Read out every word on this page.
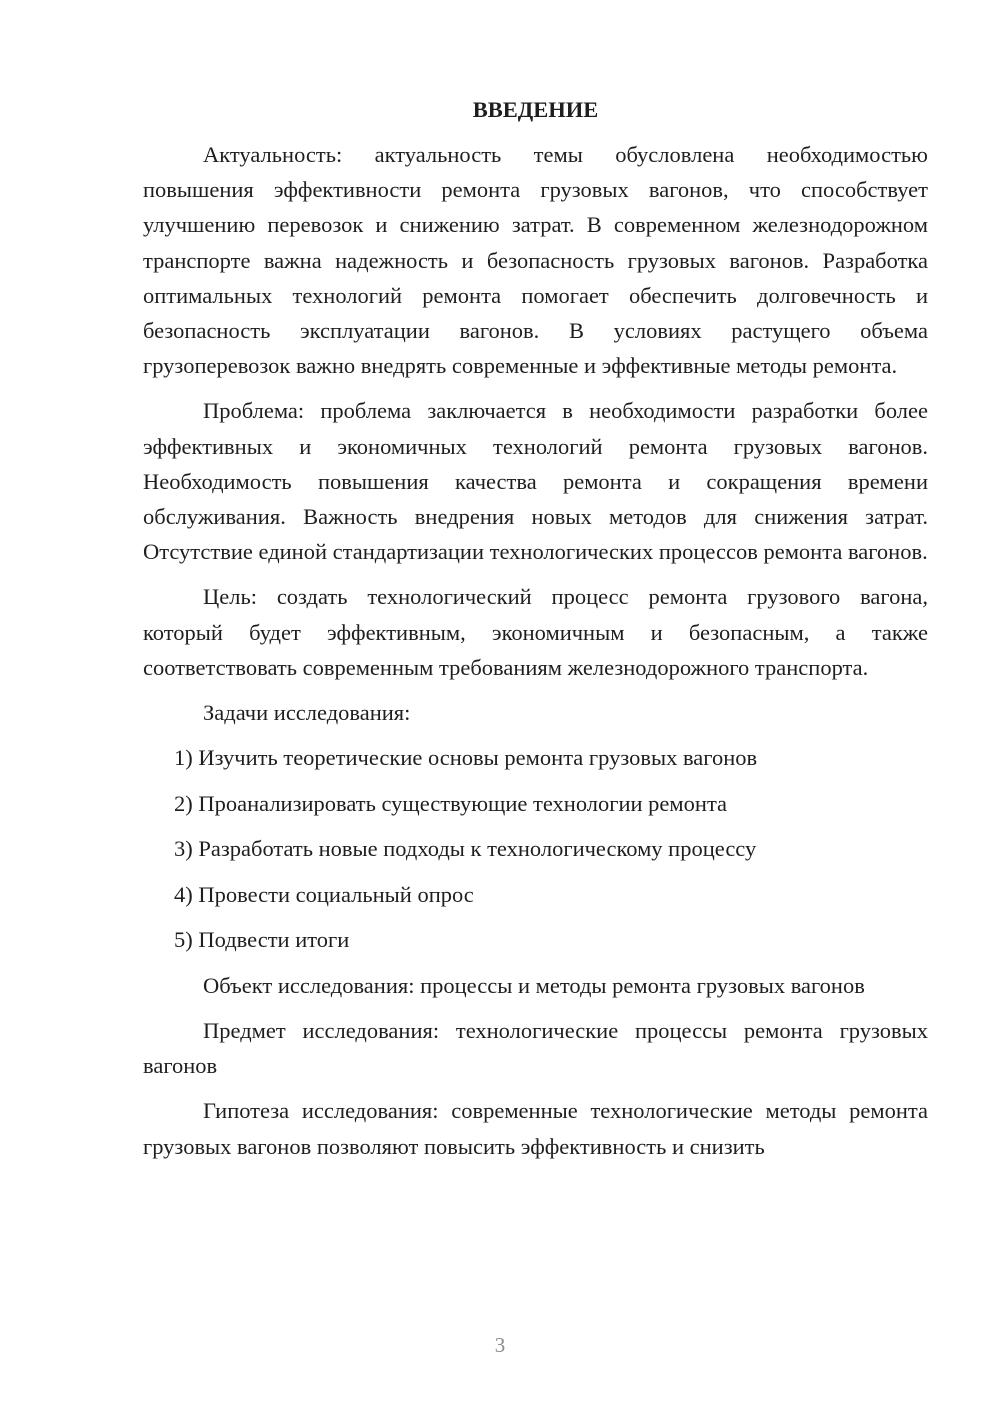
ВВЕДЕНИЕ

Актуальность: актуальность темы обусловлена необходимостью повышения эффективности ремонта грузовых вагонов, что способствует улучшению перевозок и снижению затрат. В современном железнодорожном транспорте важна надежность и безопасность грузовых вагонов. Разработка оптимальных технологий ремонта помогает обеспечить долговечность и безопасность эксплуатации вагонов. В условиях растущего объема грузоперевозок важно внедрять современные и эффективные методы ремонта.

Проблема: проблема заключается в необходимости разработки более эффективных и экономичных технологий ремонта грузовых вагонов. Необходимость повышения качества ремонта и сокращения времени обслуживания. Важность внедрения новых методов для снижения затрат. Отсутствие единой стандартизации технологических процессов ремонта вагонов.

Цель: создать технологический процесс ремонта грузового вагона, который будет эффективным, экономичным и безопасным, а также соответствовать современным требованиям железнодорожного транспорта.

Задачи исследования:
1) Изучить теоретические основы ремонта грузовых вагонов
2) Проанализировать существующие технологии ремонта
3) Разработать новые подходы к технологическому процессу
4) Провести социальный опрос
5) Подвести итоги

Объект исследования: процессы и методы ремонта грузовых вагонов

Предмет исследования: технологические процессы ремонта грузовых вагонов

Гипотеза исследования: современные технологические методы ремонта грузовых вагонов позволяют повысить эффективность и снизить

3
